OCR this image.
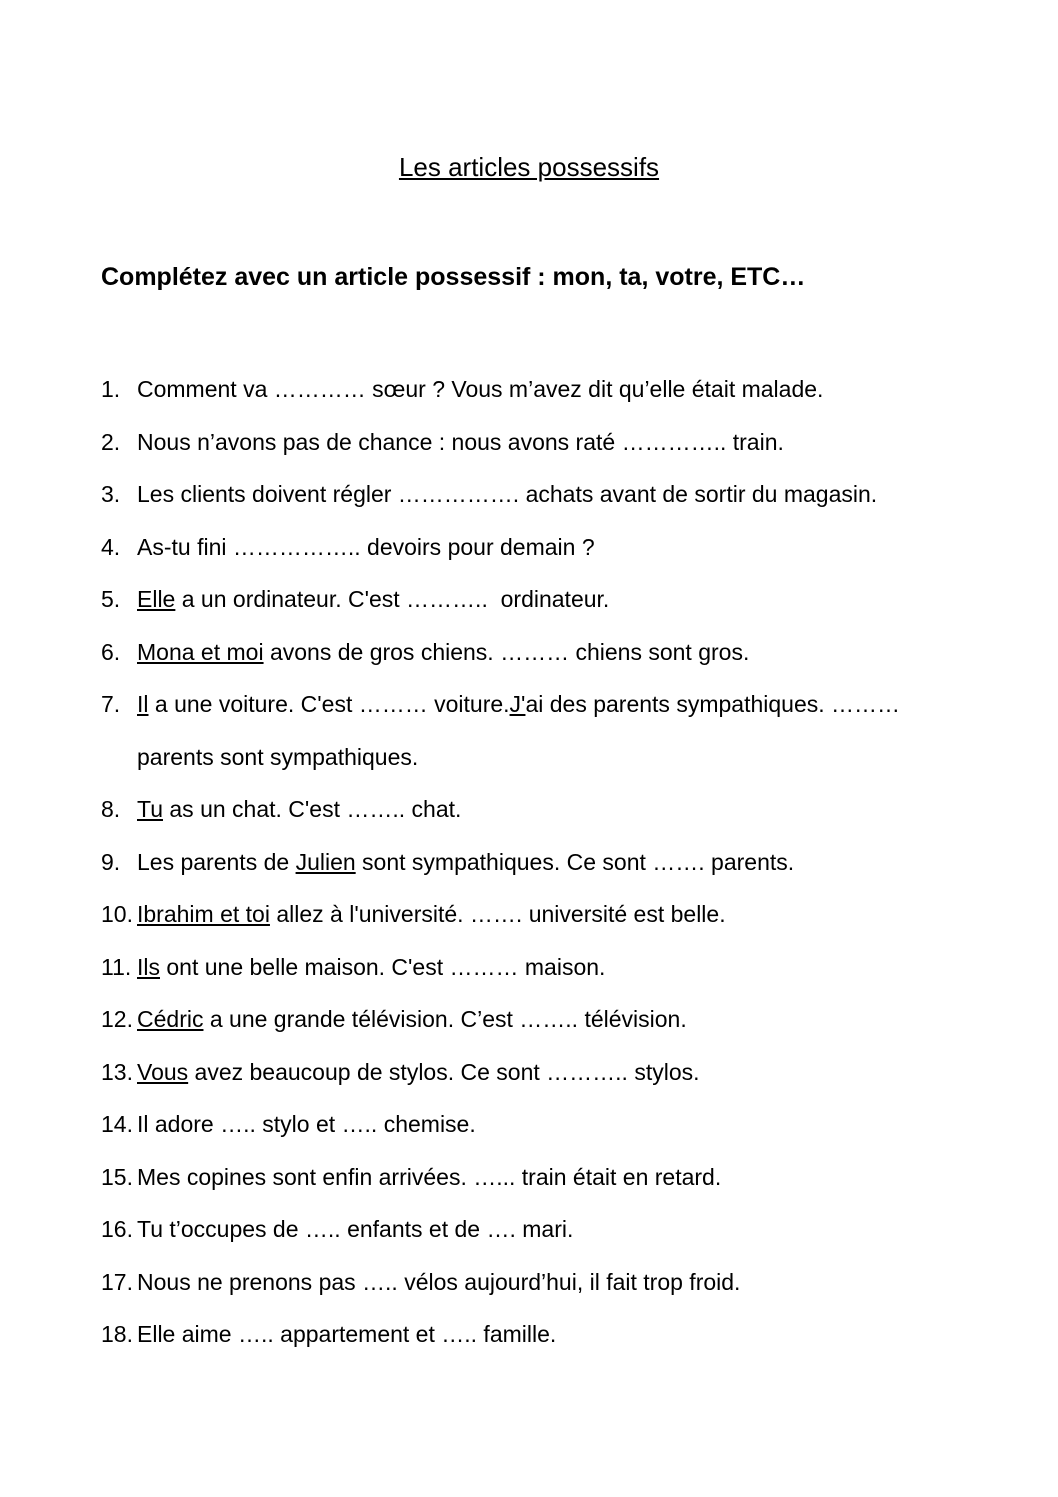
Les articles possessifs
Complétez avec un article possessif : mon, ta, votre, ETC…
1. Comment va ………… sœur ? Vous m’avez dit qu’elle était malade.
2. Nous n’avons pas de chance : nous avons raté ………….. train.
3. Les clients doivent régler ……………. achats avant de sortir du magasin.
4. As-tu fini …………….. devoirs pour demain ?
5. Elle a un ordinateur. C'est ………..  ordinateur.
6. Mona et moi avons de gros chiens. ……… chiens sont gros.
7. Il a une voiture. C'est ……… voiture.J'ai des parents sympathiques. ………
parents sont sympathiques.
8. Tu as un chat. C'est …….. chat.
9. Les parents de Julien sont sympathiques. Ce sont ……. parents.
10. Ibrahim et toi allez à l'université. ……. université est belle.
11. Ils ont une belle maison. C'est ……… maison.
12. Cédric a une grande télévision. C’est …….. télévision.
13. Vous avez beaucoup de stylos. Ce sont ……….. stylos.
14. Il adore ….. stylo et ….. chemise.
15. Mes copines sont enfin arrivées. …... train était en retard.
16. Tu t’occupes de ….. enfants et de …. mari.
17. Nous ne prenons pas ….. vélos aujourd’hui, il fait trop froid.
18. Elle aime ….. appartement et ….. famille.
